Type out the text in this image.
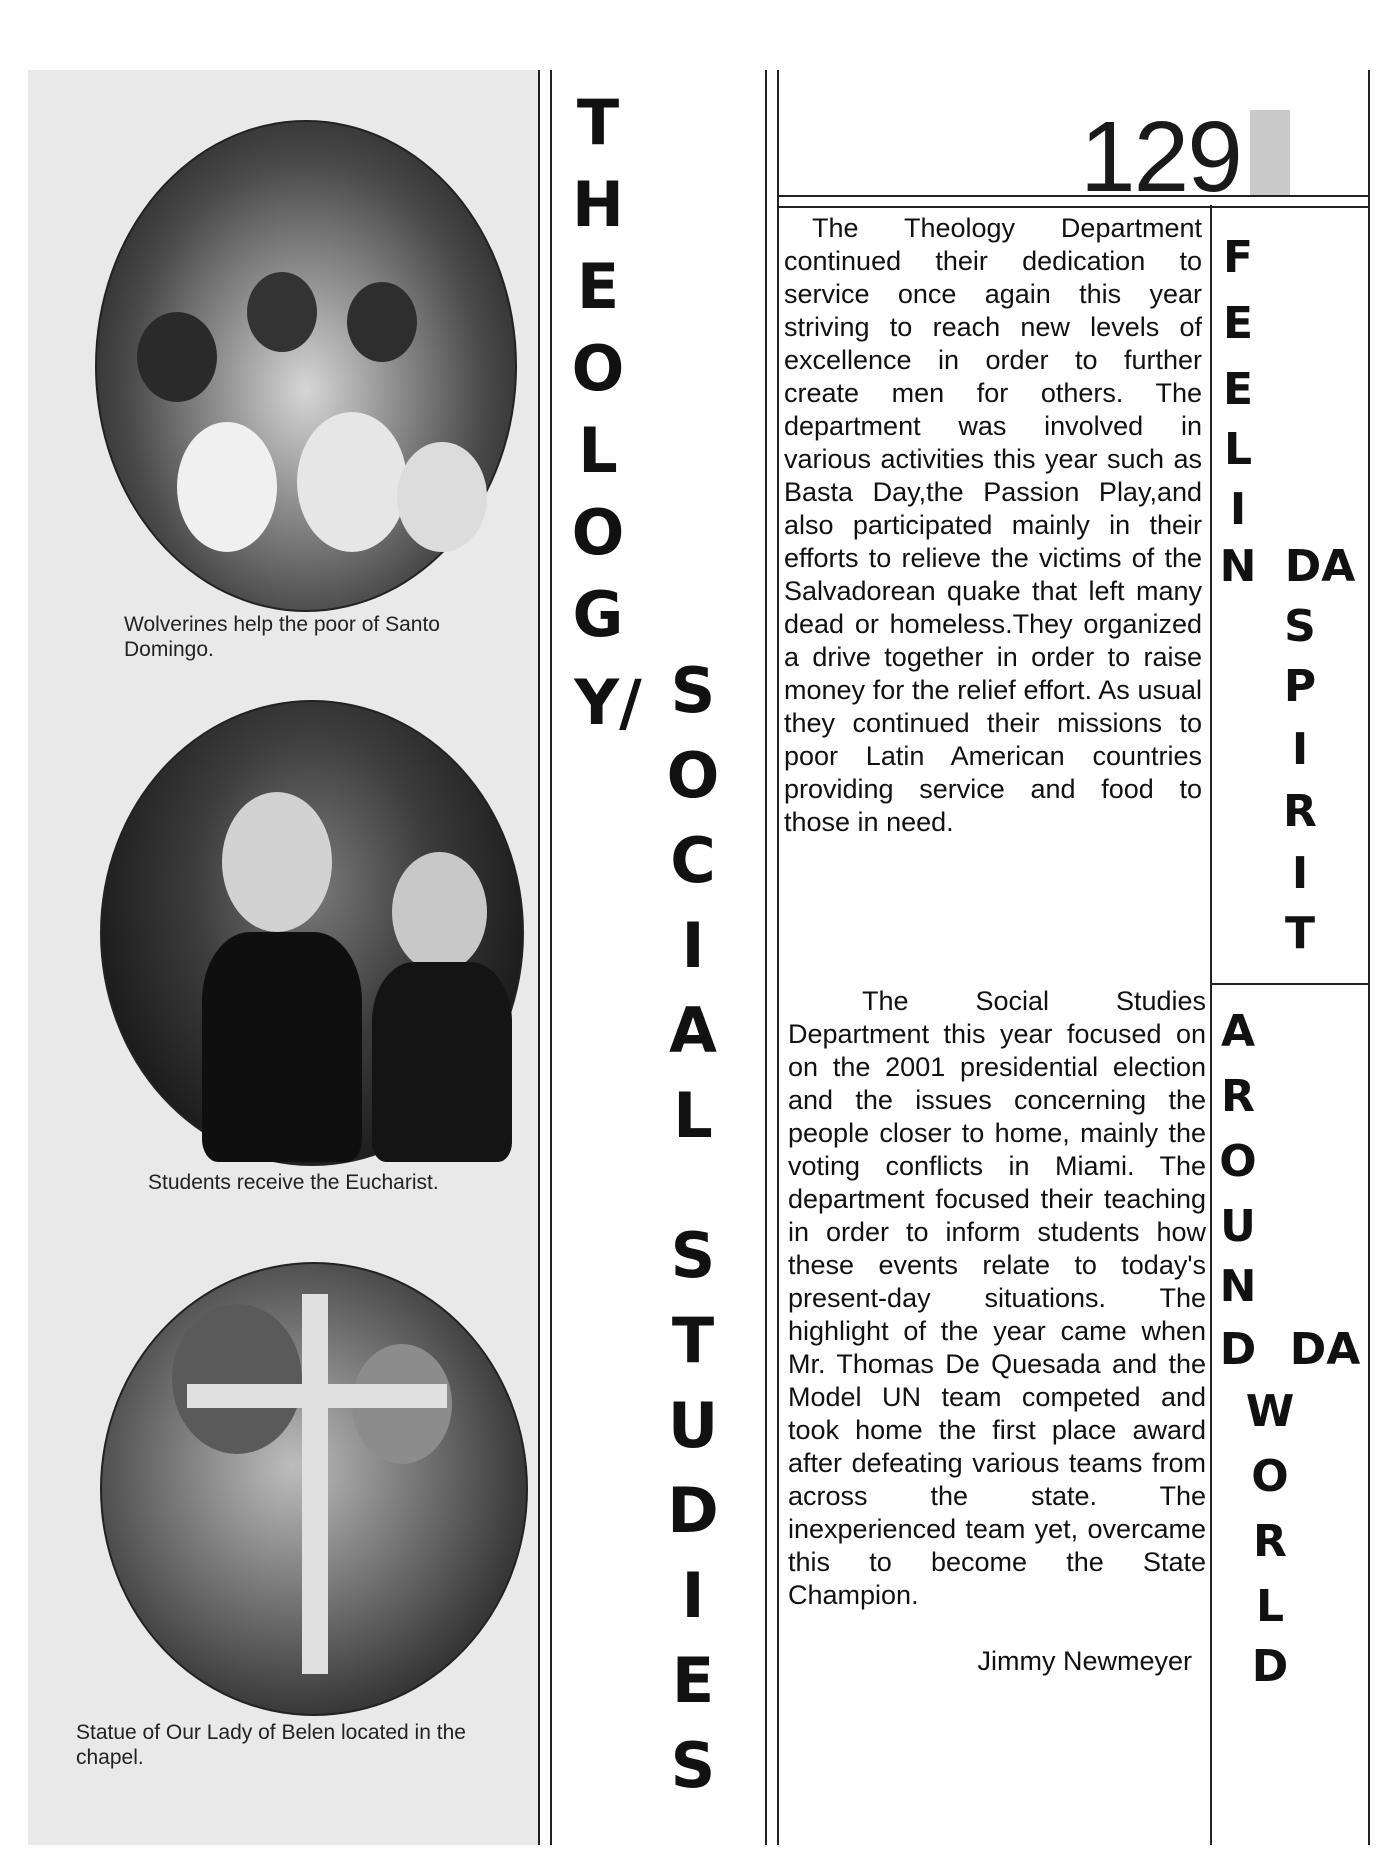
Wolverines help the poor of Santo Domingo.
Students receive the Eucharist.
Statue of Our Lady of Belen located in the chapel.
129
T
H
E
O
L
O
G
Y/ S
O
C
I
A
L
S
T
U
D
I
E
S
The Theology Department continued their dedication to service once again this year striving to reach new levels of excellence in order to further create men for others. The department was involved in various activities this year such as Basta Day,the Passion Play,and also participated mainly in their efforts to relieve the victims of the Salvadorean quake that left many dead or homeless.They organized a drive together in order to raise money for the relief effort. As usual they continued their missions to poor Latin American countries providing service and food to those in need.
The Social Studies Department this year focused on on the 2001 presidential election and the issues concerning the people closer to home, mainly the voting conflicts in Miami. The department focused their teaching in order to inform students how these events relate to today's present-day situations. The highlight of the year came when Mr. Thomas De Quesada and the Model UN team competed and took home the first place award after defeating various teams from across the state. The inexperienced team yet, overcame this to become the State Champion.
Jimmy Newmeyer
F
E
E
L
I
N DA
S
P
I
R
I
T
A
R
O
U
N
D DA
W
O
R
L
D
